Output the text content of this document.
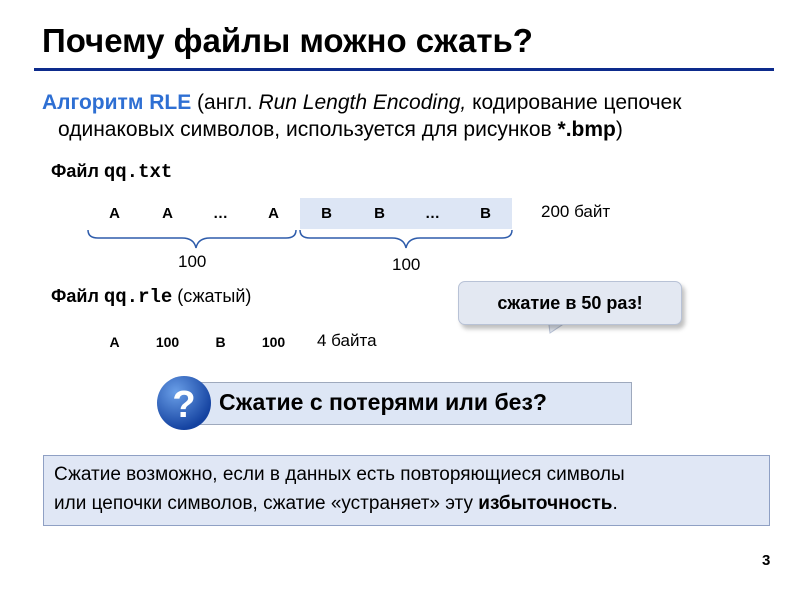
Почему файлы можно сжать?

Алгоритм RLE (англ. Run Length Encoding, кодирование цепочек
одинаковых символов, используется для рисунков *.bmp)

Файл qq.txt

A	A	…	A	B	B	…	B	200 байт
100	100

Файл qq.rle (сжатый)

A	100	B	100	4 байта
сжатие в 50 раз!
? Сжатие с потерями или без?
Сжатие возможно, если в данных есть повторяющиеся символы
или цепочки символов, сжатие «устраняет» эту избыточность.
3
